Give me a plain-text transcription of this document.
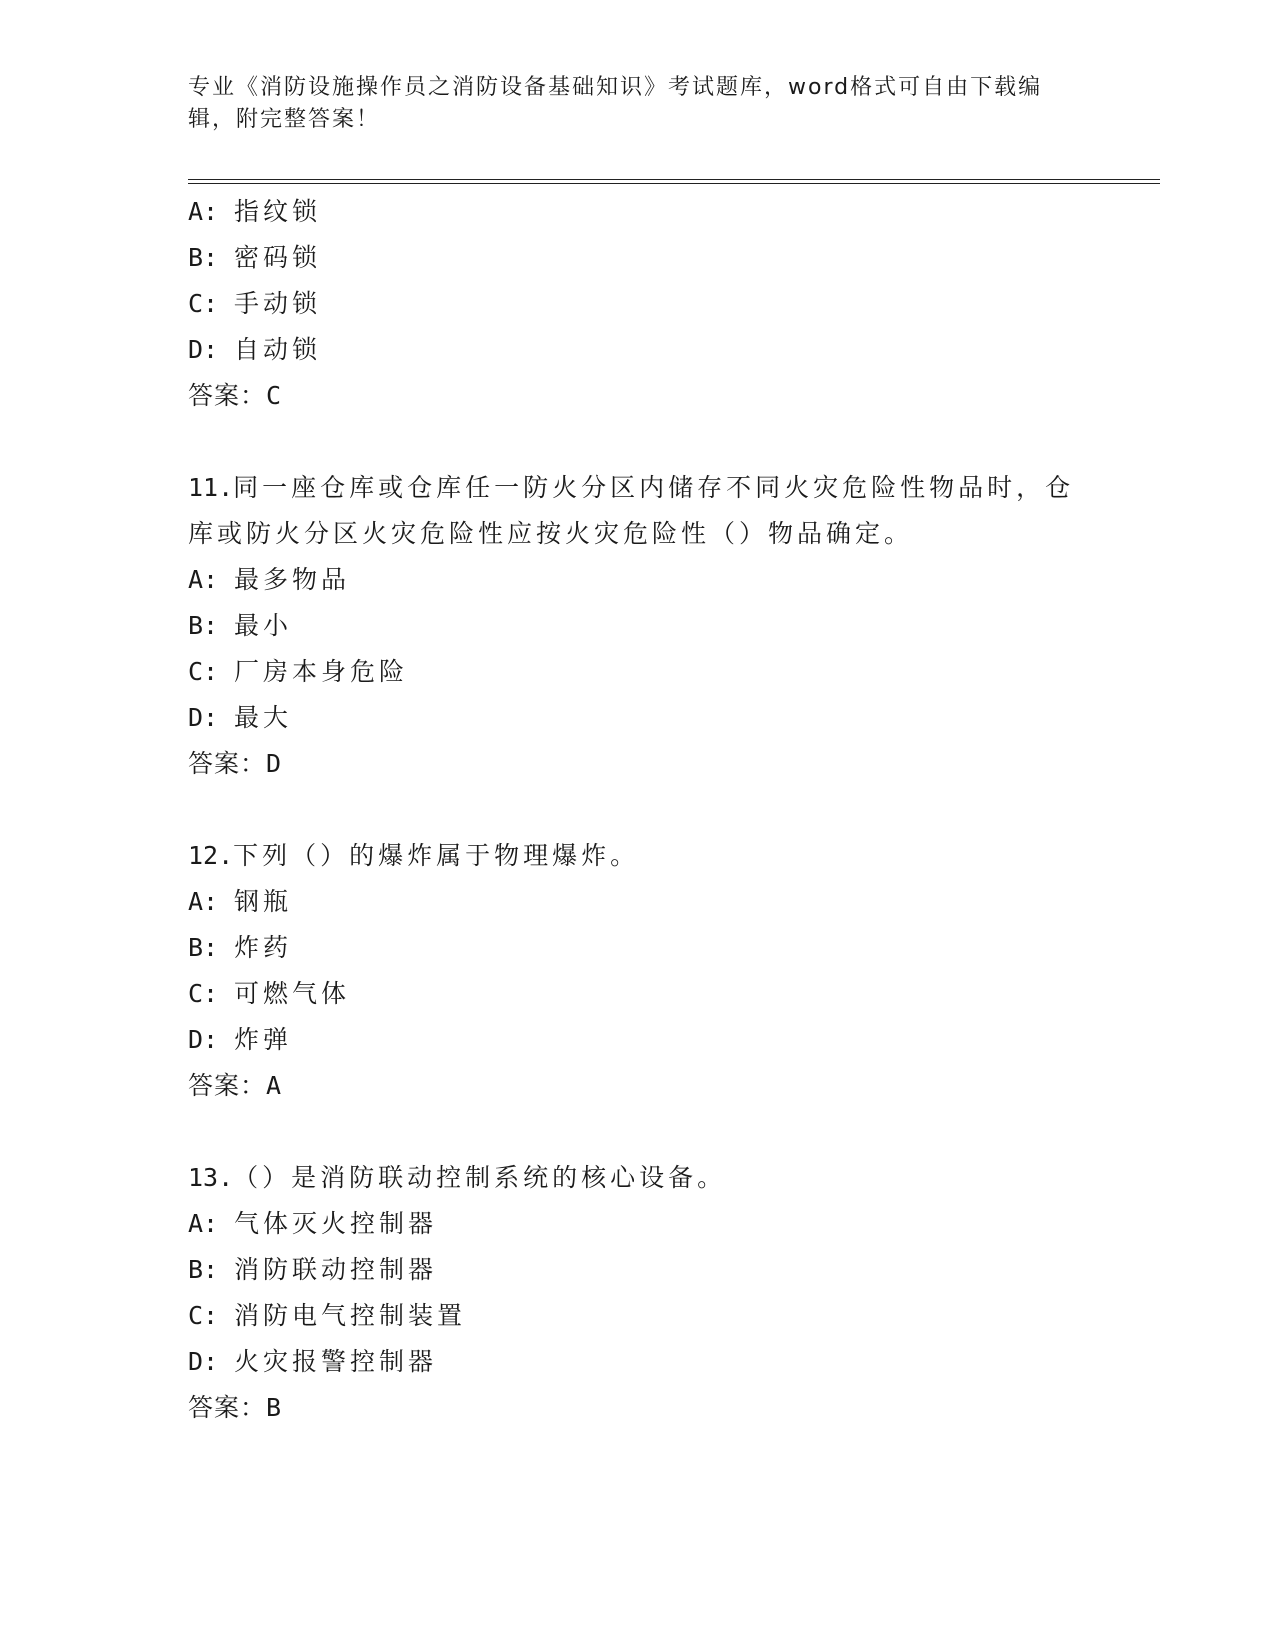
专业《消防设施操作员之消防设备基础知识》考试题库，word格式可自由下载编
辑，附完整答案！
A: 指纹锁
B: 密码锁
C: 手动锁
D: 自动锁
答案：C
11.同一座仓库或仓库任一防火分区内储存不同火灾危险性物品时，仓
库或防火分区火灾危险性应按火灾危险性（）物品确定。
A: 最多物品
B: 最小
C: 厂房本身危险
D: 最大
答案：D
12.下列（）的爆炸属于物理爆炸。
A: 钢瓶
B: 炸药
C: 可燃气体
D: 炸弹
答案：A
13.（）是消防联动控制系统的核心设备。
A: 气体灭火控制器
B: 消防联动控制器
C: 消防电气控制装置
D: 火灾报警控制器
答案：B
